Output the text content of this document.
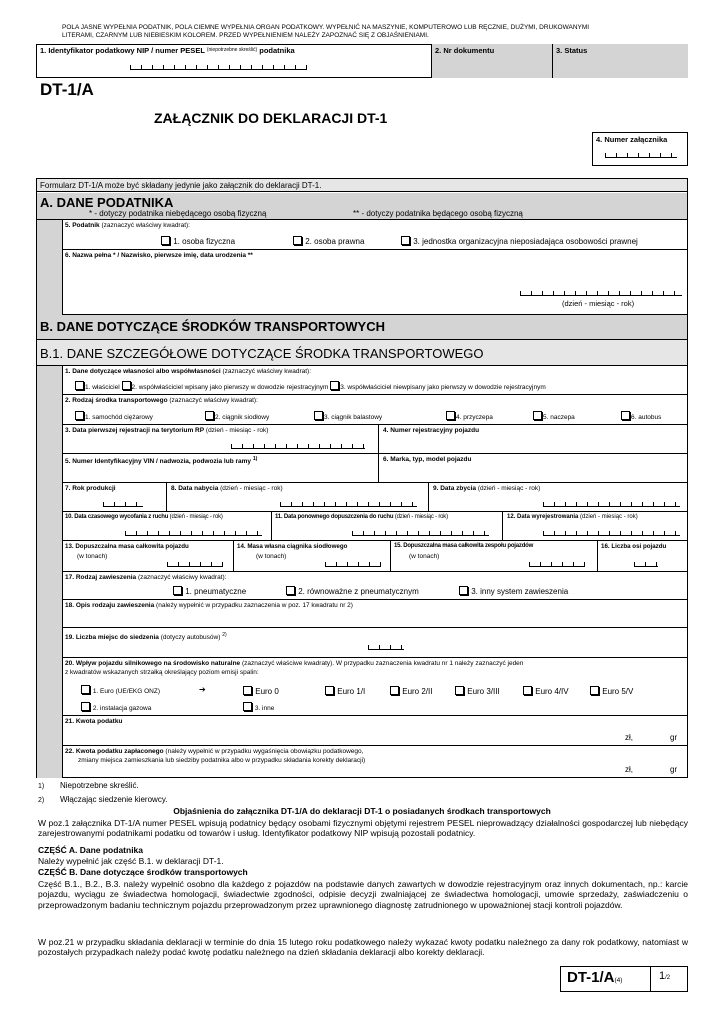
POLA JASNE WYPEŁNIA PODATNIK, POLA CIEMNE WYPEŁNIA ORGAN PODATKOWY. WYPEŁNIĆ NA MASZYNIE, KOMPUTEROWO LUB RĘCZNIE, DUŻYMI, DRUKOWANYMI
LITERAMI, CZARNYM LUB NIEBIESKIM KOLOREM. PRZED WYPEŁNIENIEM NALEŻY ZAPOZNAĆ SIĘ Z OBJAŚNIENIAMI.
1. Identyfikator podatkowy NIP / numer PESEL $^{(niepotrzebne skreślić)}$ podatnika	2. Nr dokumentu	3. Status
DT-1/A
ZAŁĄCZNIK DO DEKLARACJI DT-1
4. Numer załącznika
Formularz DT-1/A może być składany jedynie jako załącznik do deklaracji DT-1.
A. DANE PODATNIKA
* - dotyczy podatnika niebędącego osobą fizyczną	** - dotyczy podatnika będącego osobą fizyczną
5. Podatnik (zaznaczyć właściwy kwadrat):
1. osoba fizyczna	2. osoba prawna	3. jednostka organizacyjna nieposiadająca osobowości prawnej
6. Nazwa pełna * / Nazwisko, pierwsze imię, data urodzenia **
(dzień - miesiąc - rok)
B. DANE DOTYCZĄCE ŚRODKÓW TRANSPORTOWYCH
B.1. DANE SZCZEGÓŁOWE DOTYCZĄCE ŚRODKA TRANSPORTOWEGO
1. Dane dotyczące własności albo współwłasności (zaznaczyć właściwy kwadrat):
1. właściciel 2. współwłaściciel wpisany jako pierwszy w dowodzie rejestracyjnym 3. współwłaściciel niewpisany jako pierwszy w dowodzie rejestracyjnym
2. Rodzaj środka transportowego (zaznaczyć właściwy kwadrat):
1. samochód ciężarowy	2. ciągnik siodłowy	3. ciągnik balastowy	4. przyczepa	5. naczepa	6. autobus
3. Data pierwszej rejestracji na terytorium RP (dzień - miesiąc - rok)	4. Numer rejestracyjny pojazdu
5. Numer Identyfikacyjny VIN / nadwozia, podwozia lub ramy $^{1)}$	6. Marka, typ, model pojazdu
7. Rok produkcji	8. Data nabycia (dzień - miesiąc - rok)	9. Data zbycia (dzień - miesiąc - rok)
10. Data czasowego wycofania z ruchu (dzień - miesiąc - rok)	11. Data ponownego dopuszczenia do ruchu (dzień - miesiąc - rok)	12. Data wyrejestrowania (dzień - miesiąc - rok)
13. Dopuszczalna masa całkowita pojazdu
(w tonach)
14. Masa własna ciągnika siodłowego
(w tonach)
15. Dopuszczalna masa całkowita zespołu pojazdów
(w tonach)
16. Liczba osi pojazdu
17. Rodzaj zawieszenia (zaznaczyć właściwy kwadrat):
1. pneumatyczne	2. równoważne z pneumatycznym	3. inny system zawieszenia
18. Opis rodzaju zawieszenia (należy wypełnić w przypadku zaznaczenia w poz. 17 kwadratu nr 2)
19. Liczba miejsc do siedzenia (dotyczy autobusów) $^{2)}$
20. Wpływ pojazdu silnikowego na środowisko naturalne (zaznaczyć właściwe kwadraty). W przypadku zaznaczenia kwadratu nr 1 należy zaznaczyć jeden
z kwadratów wskazanych strzałką określający poziom emisji spalin:
1. Euro (UE/EKG ONZ)	➔	Euro 0	Euro 1/I	Euro 2/II	Euro 3/III	Euro 4/IV	Euro 5/V
2. instalacja gazowa	3. inne
21. Kwota podatku
zł,	gr
22. Kwota podatku zapłaconego (należy wypełnić w przypadku wygaśnięcia obowiązku podatkowego,
zmiany miejsca zamieszkania lub siedziby podatnika albo w przypadku składania korekty deklaracji)
zł,	gr
1) Niepotrzebne skreślić.
2) Włączając siedzenie kierowcy.
Objaśnienia do załącznika DT-1/A do deklaracji DT-1 o posiadanych środkach transportowych
W poz.1 załącznika DT-1/A numer PESEL wpisują podatnicy będący osobami fizycznymi objętymi rejestrem PESEL nieprowadzący działalności gospodarczej lub niebędący zarejestrowanymi podatnikami podatku od towarów i usług. Identyfikator podatkowy NIP wpisują pozostali podatnicy.
CZĘŚĆ A. Dane podatnika
Należy wypełnić jak część B.1. w deklaracji DT-1.
CZĘŚĆ B. Dane dotyczące środków transportowych
Część B.1., B.2., B.3. należy wypełnić osobno dla każdego z pojazdów na podstawie danych zawartych w dowodzie rejestracyjnym oraz innych dokumentach, np.: karcie pojazdu, wyciągu ze świadectwa homologacji, świadectwie zgodności, odpisie decyzji zwalniającej ze świadectwa homologacji, umowie sprzedaży, zaświadczeniu o przeprowadzonym badaniu technicznym pojazdu przeprowadzonym przez uprawnionego diagnostę zatrudnionego w upoważnionej stacji kontroli pojazdów.
W poz.21 w przypadku składania deklaracji w terminie do dnia 15 lutego roku podatkowego należy wykazać kwoty podatku należnego za dany rok podatkowy, natomiast w pozostałych przypadkach należy podać kwotę podatku należnego na dzień składania deklaracji albo korekty deklaracji.
DT-1/A(4)	1/2
